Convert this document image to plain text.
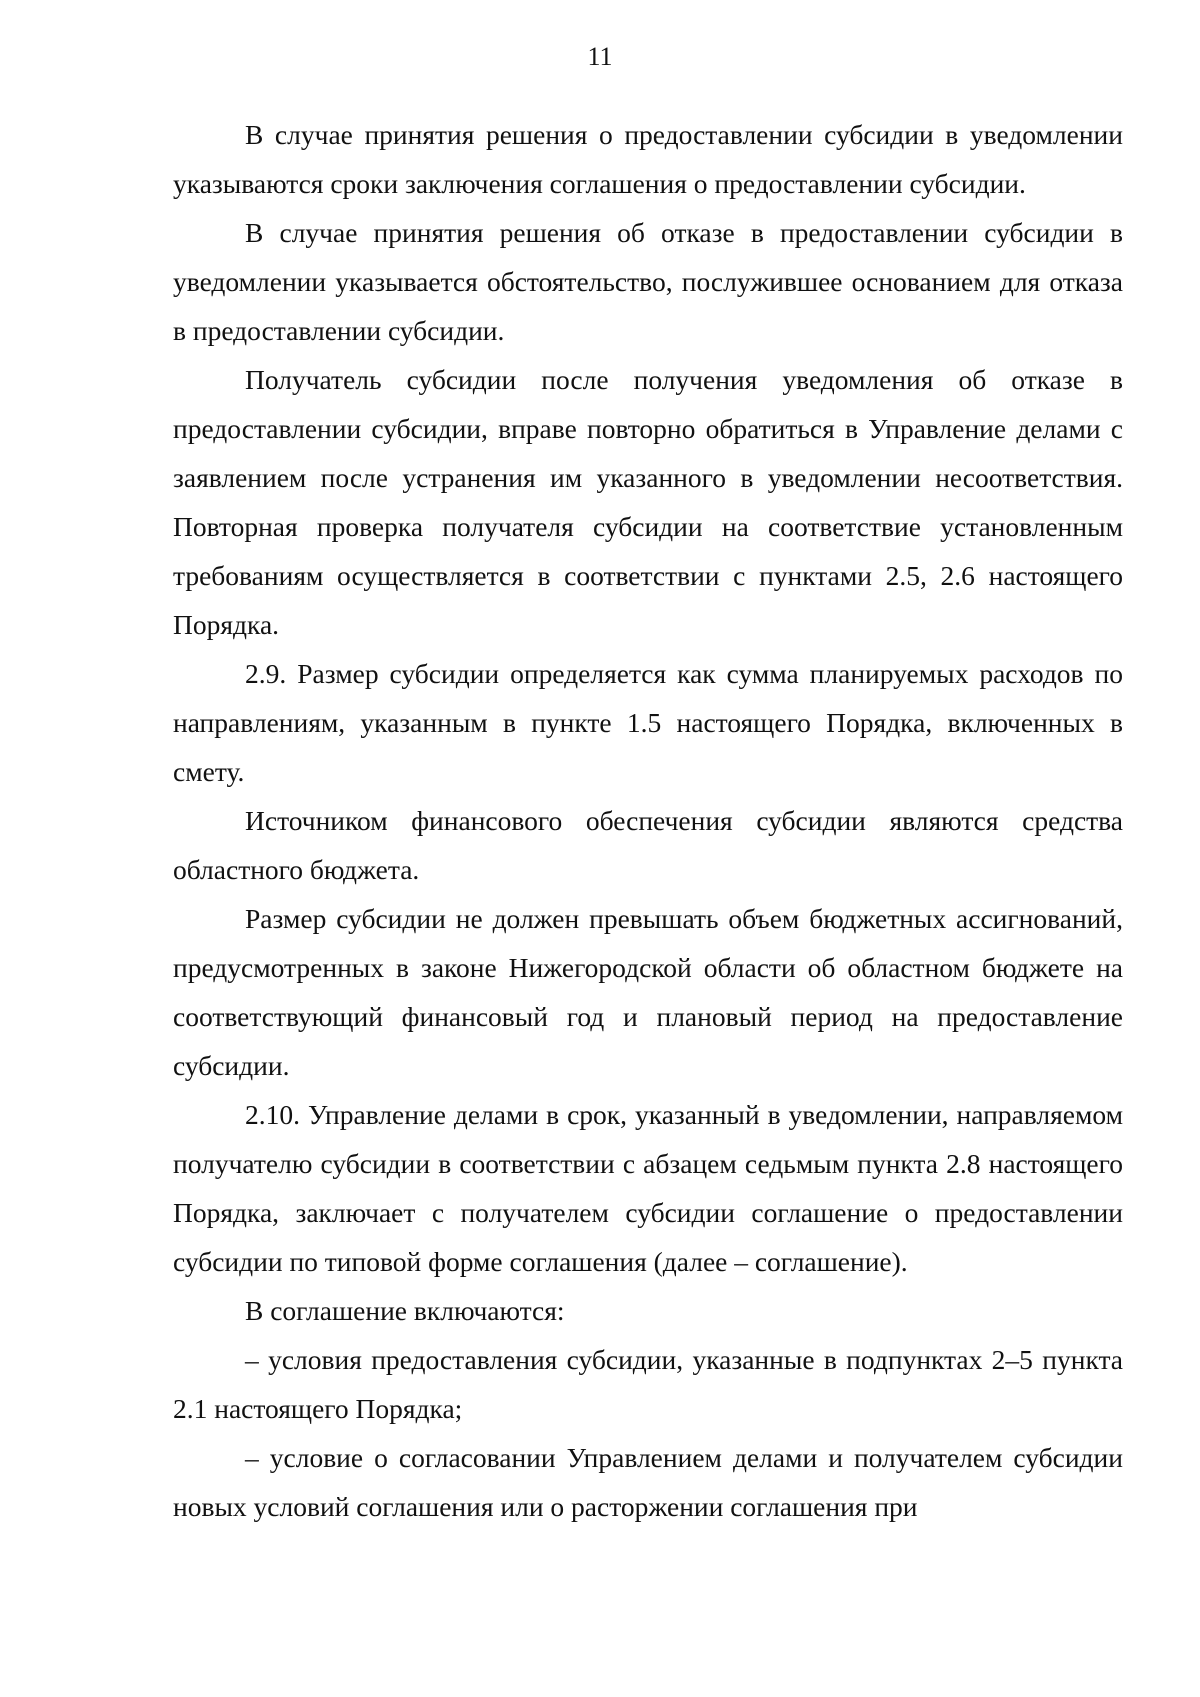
11

В случае принятия решения о предоставлении субсидии в уведомлении указываются сроки заключения соглашения о предоставлении субсидии.

В случае принятия решения об отказе в предоставлении субсидии в уведомлении указывается обстоятельство, послужившее основанием для отказа в предоставлении субсидии.

Получатель субсидии после получения уведомления об отказе в предоставлении субсидии, вправе повторно обратиться в Управление делами с заявлением после устранения им указанного в уведомлении несоответствия. Повторная проверка получателя субсидии на соответствие установленным требованиям осуществляется в соответствии с пунктами 2.5, 2.6 настоящего Порядка.

2.9. Размер субсидии определяется как сумма планируемых расходов по направлениям, указанным в пункте 1.5 настоящего Порядка, включенных в смету.

Источником финансового обеспечения субсидии являются средства областного бюджета.

Размер субсидии не должен превышать объем бюджетных ассигнований, предусмотренных в законе Нижегородской области об областном бюджете на соответствующий финансовый год и плановый период на предоставление субсидии.

2.10. Управление делами в срок, указанный в уведомлении, направляемом получателю субсидии в соответствии с абзацем седьмым пункта 2.8 настоящего Порядка, заключает с получателем субсидии соглашение о предоставлении субсидии по типовой форме соглашения (далее – соглашение).

В соглашение включаются:

– условия предоставления субсидии, указанные в подпунктах 2–5 пункта 2.1 настоящего Порядка;

– условие о согласовании Управлением делами и получателем субсидии новых условий соглашения или о расторжении соглашения при
